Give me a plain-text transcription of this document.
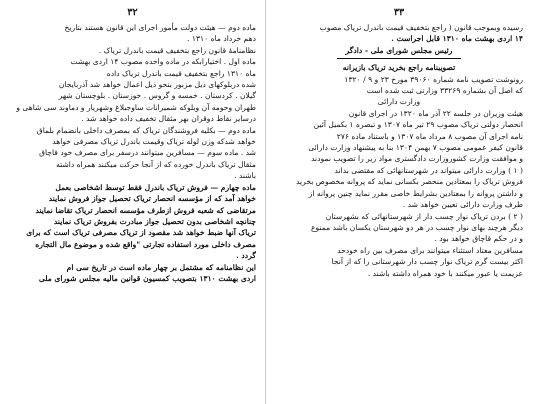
۳۲
ماده دوم — هیئت دولت مأمور اجرای این قانون هستند بتاریخ
دهم خرداد ماه ۱۳۱۰ .
نظامنامهٔ قانون راجع بتخفیف قیمت باندرل تریاک .
ماده اول . اختیارابکه در ماده واحده مصوب ۱۴ اردی بهشت
ماه ۱۳۱۰ راجع بتخفیف قیمت باندرل تریاک داده
شده دربلوکهای ذیل مزبور بنحو ذیل اعمال خواهد شد آذربایجان
گیلان . کردستان . خمسه و گروس . خوزستان . بلوچستان شهر
طهران وحومه آن وبلوکه شمیرانات ساوجبلاغ وشهریار و دماوند سی شاهی و
درسایر نقاط دوقران بهر مثقال تخفیف داده خواهد شد .
ماده دوم — بکلیه فروشندگان تریاک که بمصرف داخلی بانضمام بلماق
خواهد شدکه وزن لوله تریاک وقیمت باندرل تریاک مصرفی خواهد
شد . ماده سوم — مسافرین میتوانند درسفر برای مصرف خود قاچاق
مثقال تریاک باندرل خورده که از آنجا حرکت میکنند همراه داشته
باشند .
ماده چهارم — فروش تریاک باندرل فقط توسط اشخاصی بعمل
خواهد آمد که از مؤسسه انحصار تریاک تحصیل جواز فروش نمایند
مرتقاضی که شعبه فروش ازطرف مؤسسه انحصار تریاک تقاضا نمایند
چنانچه اشخاصی بدون تحصیل جواز مبادرت بفروش تریاک نمایند
تریاک آنها ضبط خواهد شد مقصود از تریاک مصرفی تریاک است که برای
مصرف داخلی مورد استفاده تجارتی "واقع شده و موضوع مال التجاره
گردد .
این نظامنامه که مشتمل بر چهار ماده است در تاریخ سی ام
اردی بهشت ۱۳۱۰ بتصویب کمسیون قوانین مالیه مجلس شورای ملی
۳۳
رسیده وبموجب قانون ( راجع بتخفیف قیمت باندرل تریاک مصوب
۱۴ اردی بهشت ماه ۱۳۱۰ قابل اجراست .
رئیس مجلس شورای ملی - دادگر
تصویبنامه راجع بخرید تریاک بازیرانه
رونوشت تصویب نامه شماره ۳۹۰۶۰ مورخ ۲۳ و ۹ / ۱۳۲۰
که اصل آن بشماره ۳۳۲۶۹ وزارتی ثبت شده است
وزارت دارائی
هیئت وزیران در جلسه ۲۲ آذر ماه ۱۳۲۰ در اجرای قانون
انحصار دولتی تریاک مصوب ۲۹ تیر ماه ۱۳۰۷ و تبصره ۱ بکمیل آئین
نامه اجرای آن مصوب ۸ مرداد ماه ۱۳۰۷ و باستناد ماده ۲۷۶
قانون کیفر عمومی مصوب ۷ بهمن ۱۳۰۴ بنا به پیشنهاد وزارت دارائی
و موافقت وزارت کشوروزارت دادگستری مواد زیر را تصویب نمودند
( ۱ ) وزارت دارائی میتواند در شهرستانهائی که مقتضی بداند
فروش تریاک را بمعتادین منحصر بکسانی نماید که پروانه مخصوص بخرید
و داشتن پروانه را بمعتادین بشرایط خاصی مقرر نماید چنین پروانه از
طرف وزارت دارائی تعیین خواهد شد .
( ۲ ) بردن تریاک نوار چسب دار از شهرستانهائی که بشهرستان
دیگر هرچند بهای نوار چسب در هر دو شهرستان یکسان باشد ممنوع
و در حکم قاچاق خواهد بود .
مسافرین معتاد استثناء میتوانند برای مصرف بین راه خودحد
اکثر بیست گرم تریاک نوار چسب دار شهرستانی را که از آنجا
عزیمت یا عبور میکنند با خود همراه داشته باشند .
